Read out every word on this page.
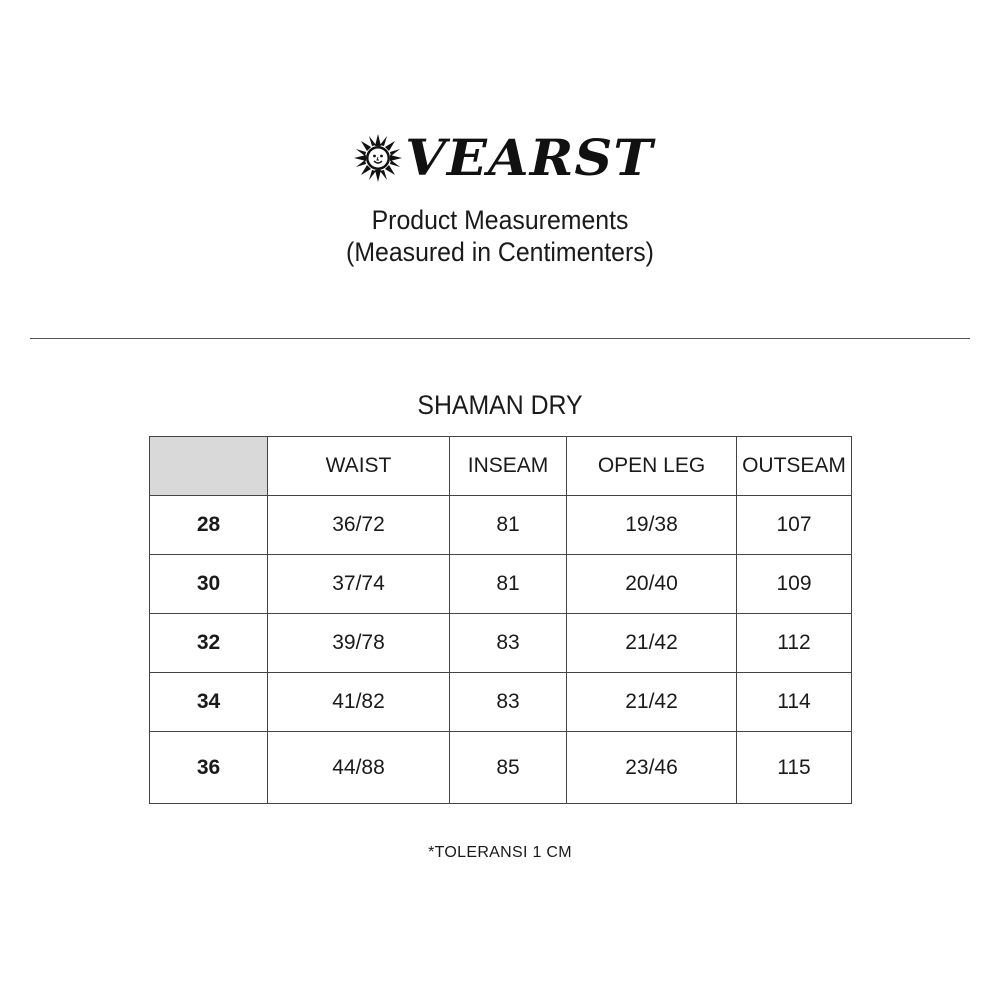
VEARST
Product Measurements
(Measured in Centimenters)
SHAMAN DRY
	WAIST	INSEAM	OPEN LEG	OUTSEAM
28	36/72	81	19/38	107
30	37/74	81	20/40	109
32	39/78	83	21/42	112
34	41/82	83	21/42	114
36	44/88	85	23/46	115
*TOLERANSI 1 CM
